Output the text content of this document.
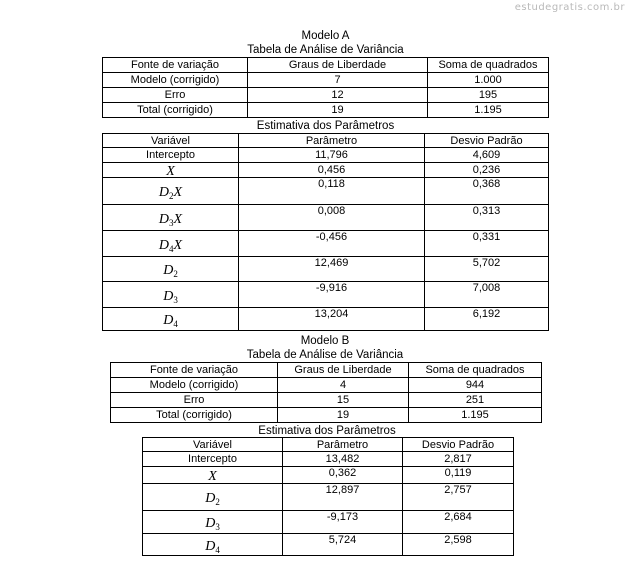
estudegratis.com.br
Modelo A
Tabela de Análise de Variância
Fonte de variação	Graus de Liberdade	Soma de quadrados
Modelo (corrigido)	7	1.000
Erro	12	195
Total (corrigido)	19	1.195
Estimativa dos Parâmetros
Variável	Parâmetro	Desvio Padrão
Intercepto	11,796	4,609
X	0,456	0,236
$D_2X$	0,118	0,368
$D_3X$	0,008	0,313
$D_4X$	-0,456	0,331
$D_2$	12,469	5,702
$D_3$	-9,916	7,008
$D_4$	13,204	6,192
Modelo B
Tabela de Análise de Variância
Fonte de variação	Graus de Liberdade	Soma de quadrados
Modelo (corrigido)	4	944
Erro	15	251
Total (corrigido)	19	1.195
Estimativa dos Parâmetros
Variável	Parâmetro	Desvio Padrão
Intercepto	13,482	2,817
X	0,362	0,119
$D_2$	12,897	2,757
$D_3$	-9,173	2,684
$D_4$	5,724	2,598
